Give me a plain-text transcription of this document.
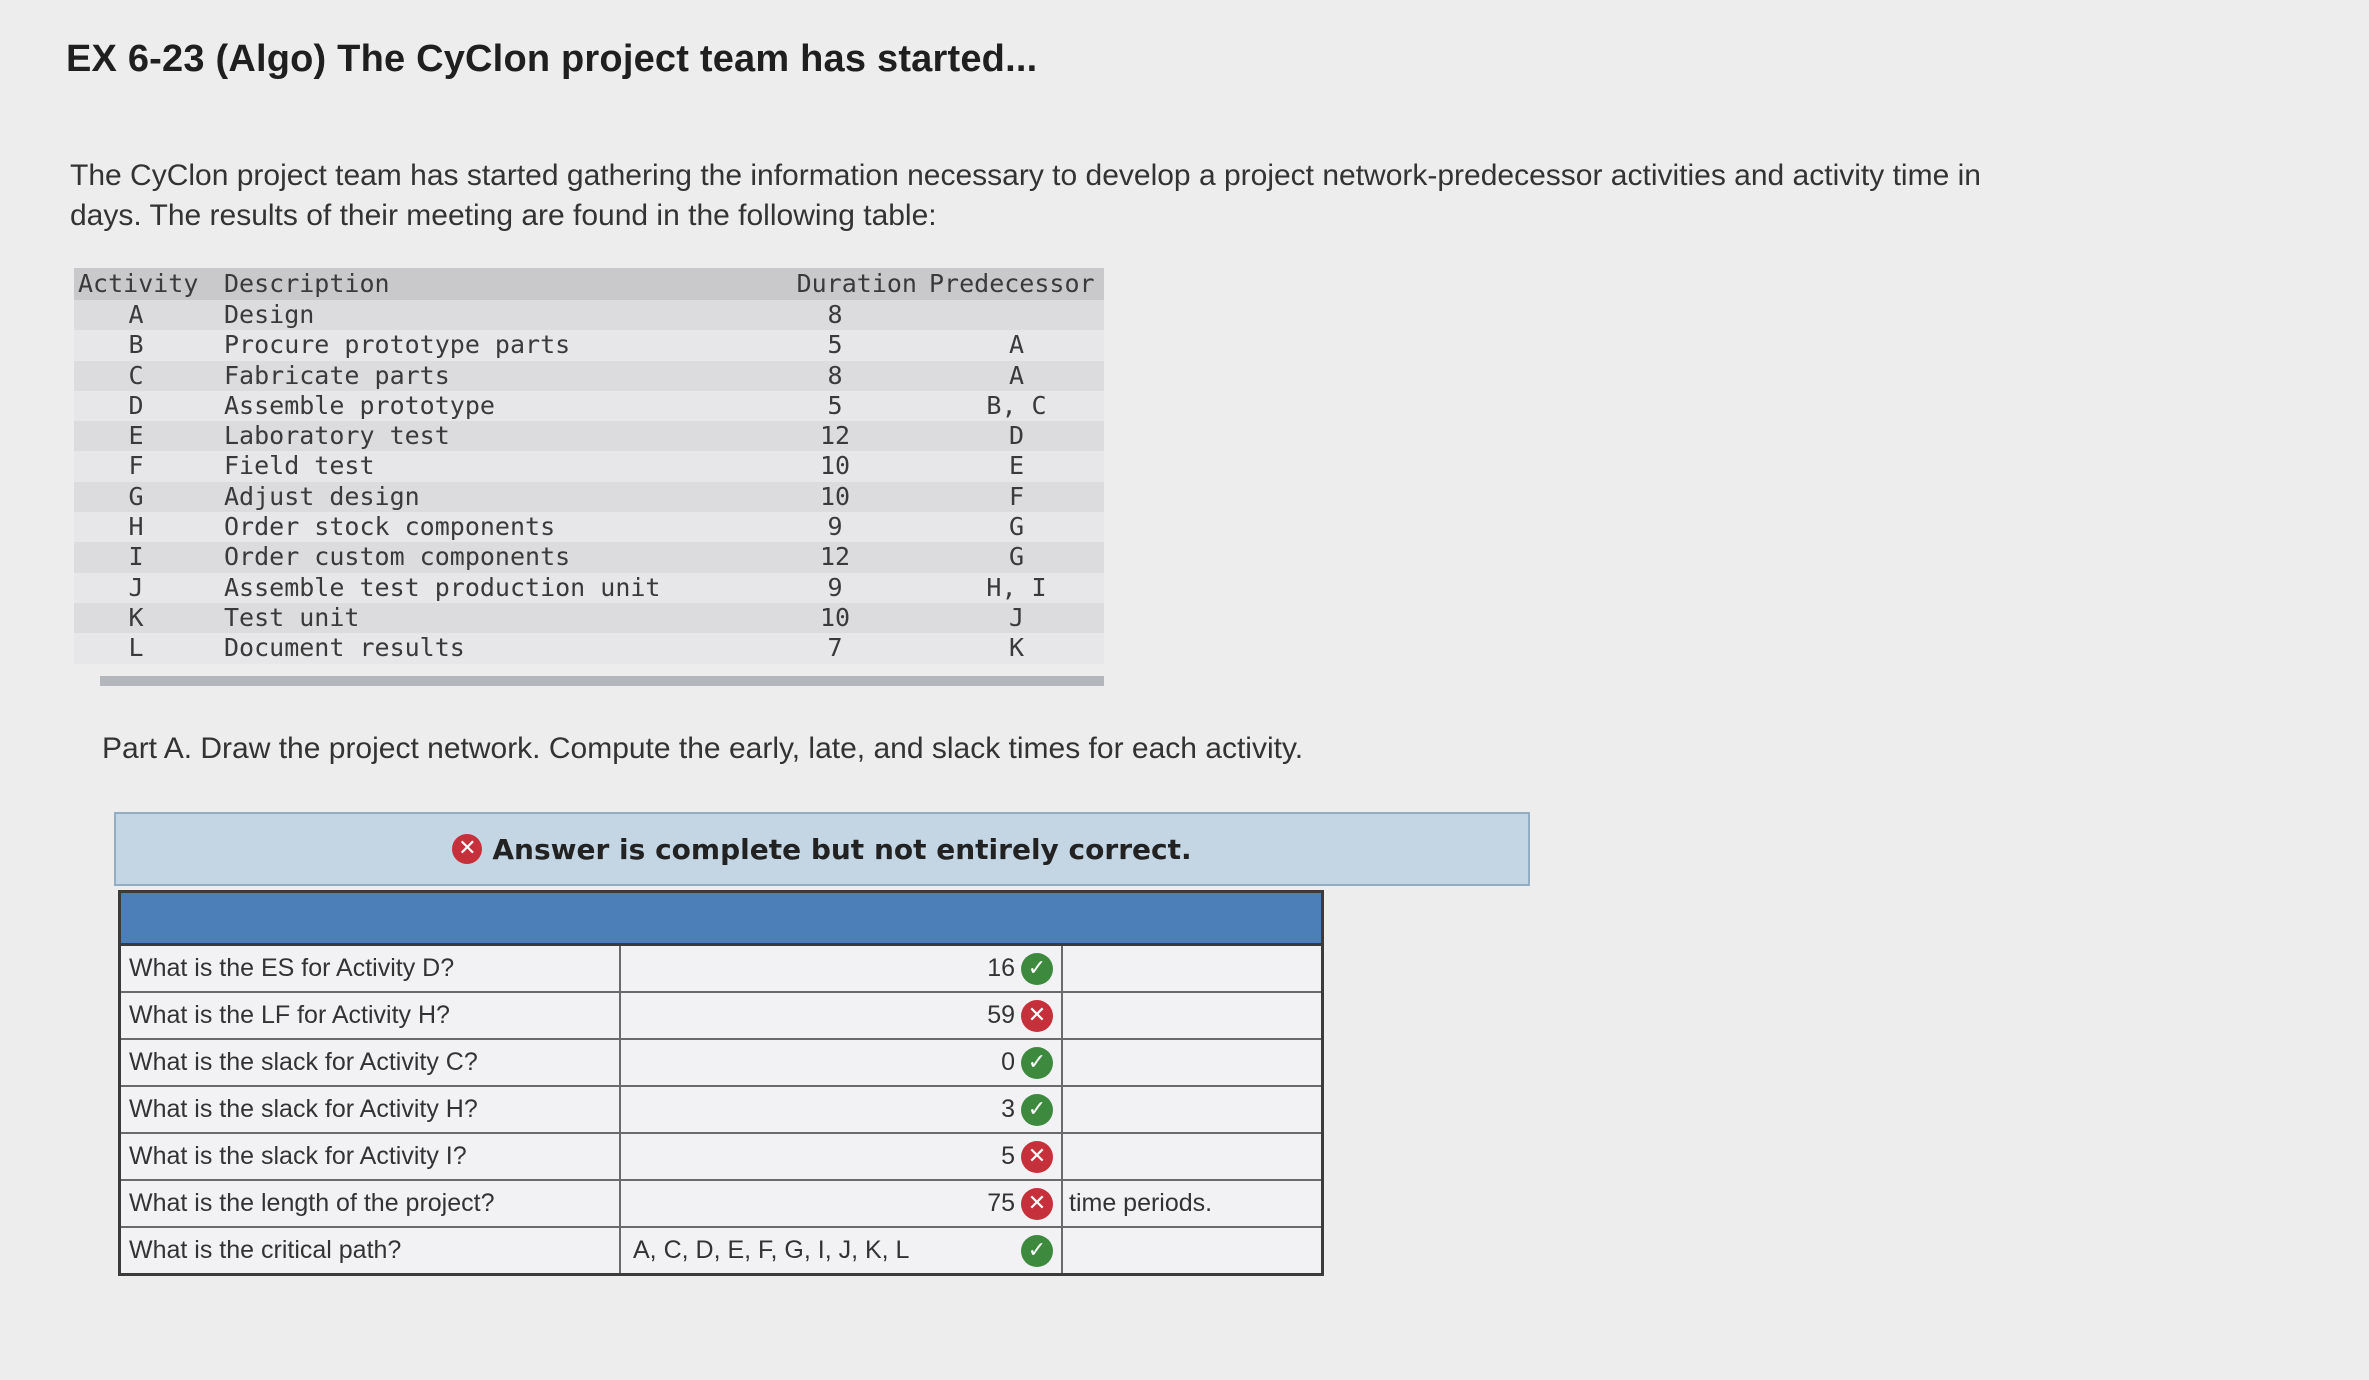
EX 6-23 (Algo) The CyClon project team has started...
The CyClon project team has started gathering the information necessary to develop a project network-predecessor activities and activity time in days. The results of their meeting are found in the following table:
Activity	Description	Duration Predecessor
A	Design	8
B	Procure prototype parts	5	A
C	Fabricate parts	8	A
D	Assemble prototype	5	B, C
E	Laboratory test	12	D
F	Field test	10	E
G	Adjust design	10	F
H	Order stock components	9	G
I	Order custom components	12	G
J	Assemble test production unit	9	H, I
K	Test unit	10	J
L	Document results	7	K
Part A. Draw the project network. Compute the early, late, and slack times for each activity.
✕ Answer is complete but not entirely correct.
What is the ES for Activity D?	16 ✓
What is the LF for Activity H?	59 ✕
What is the slack for Activity C?	0 ✓
What is the slack for Activity H?	3 ✓
What is the slack for Activity I?	5 ✕
What is the length of the project?	75 ✕ time periods.
What is the critical path?	A, C, D, E, F, G, I, J, K, L	✓
